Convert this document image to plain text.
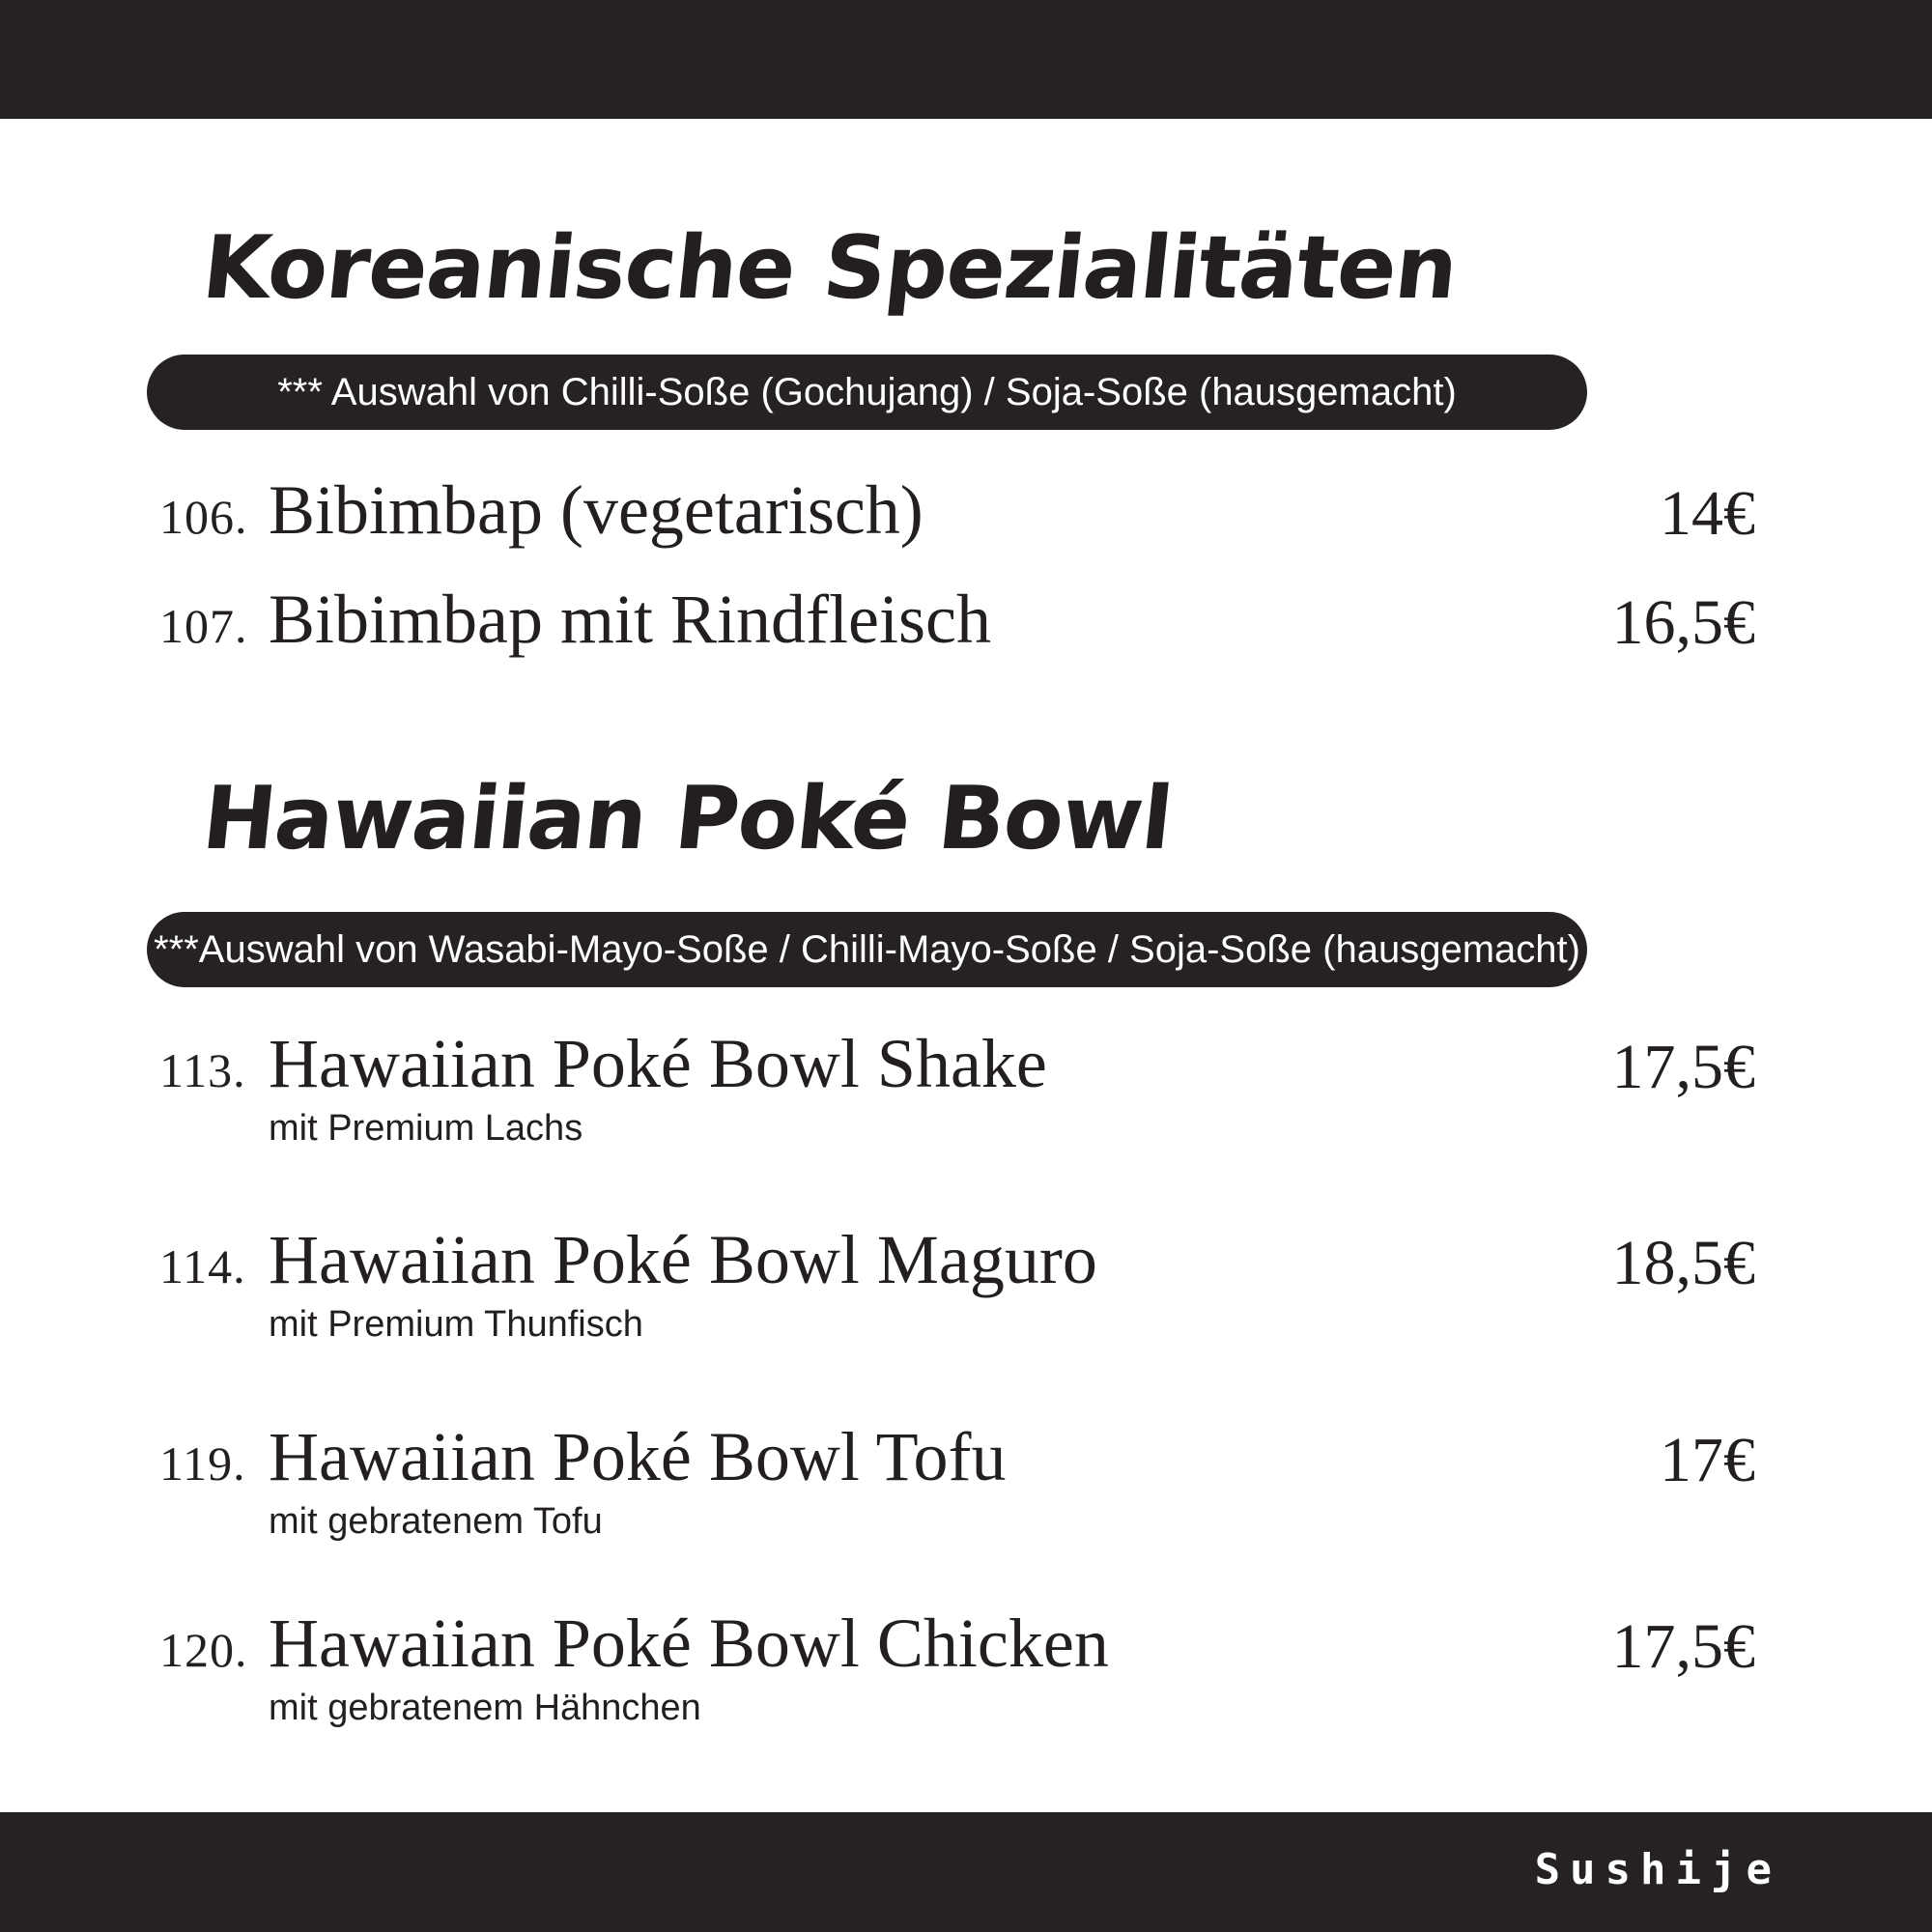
Koreanische Spezialitäten
*** Auswahl von Chilli-Soße (Gochujang) / Soja-Soße (hausgemacht)
106. Bibimbap (vegetarisch)	14€
107. Bibimbap mit Rindfleisch	16,5€
Hawaiian Poké Bowl
***Auswahl von Wasabi-Mayo-Soße / Chilli-Mayo-Soße / Soja-Soße (hausgemacht)
113. Hawaiian Poké Bowl Shake	17,5€
mit Premium Lachs
114. Hawaiian Poké Bowl Maguro	18,5€
mit Premium Thunfisch
119. Hawaiian Poké Bowl Tofu	17€
mit gebratenem Tofu
120. Hawaiian Poké Bowl Chicken	17,5€
mit gebratenem Hähnchen
Sushije
